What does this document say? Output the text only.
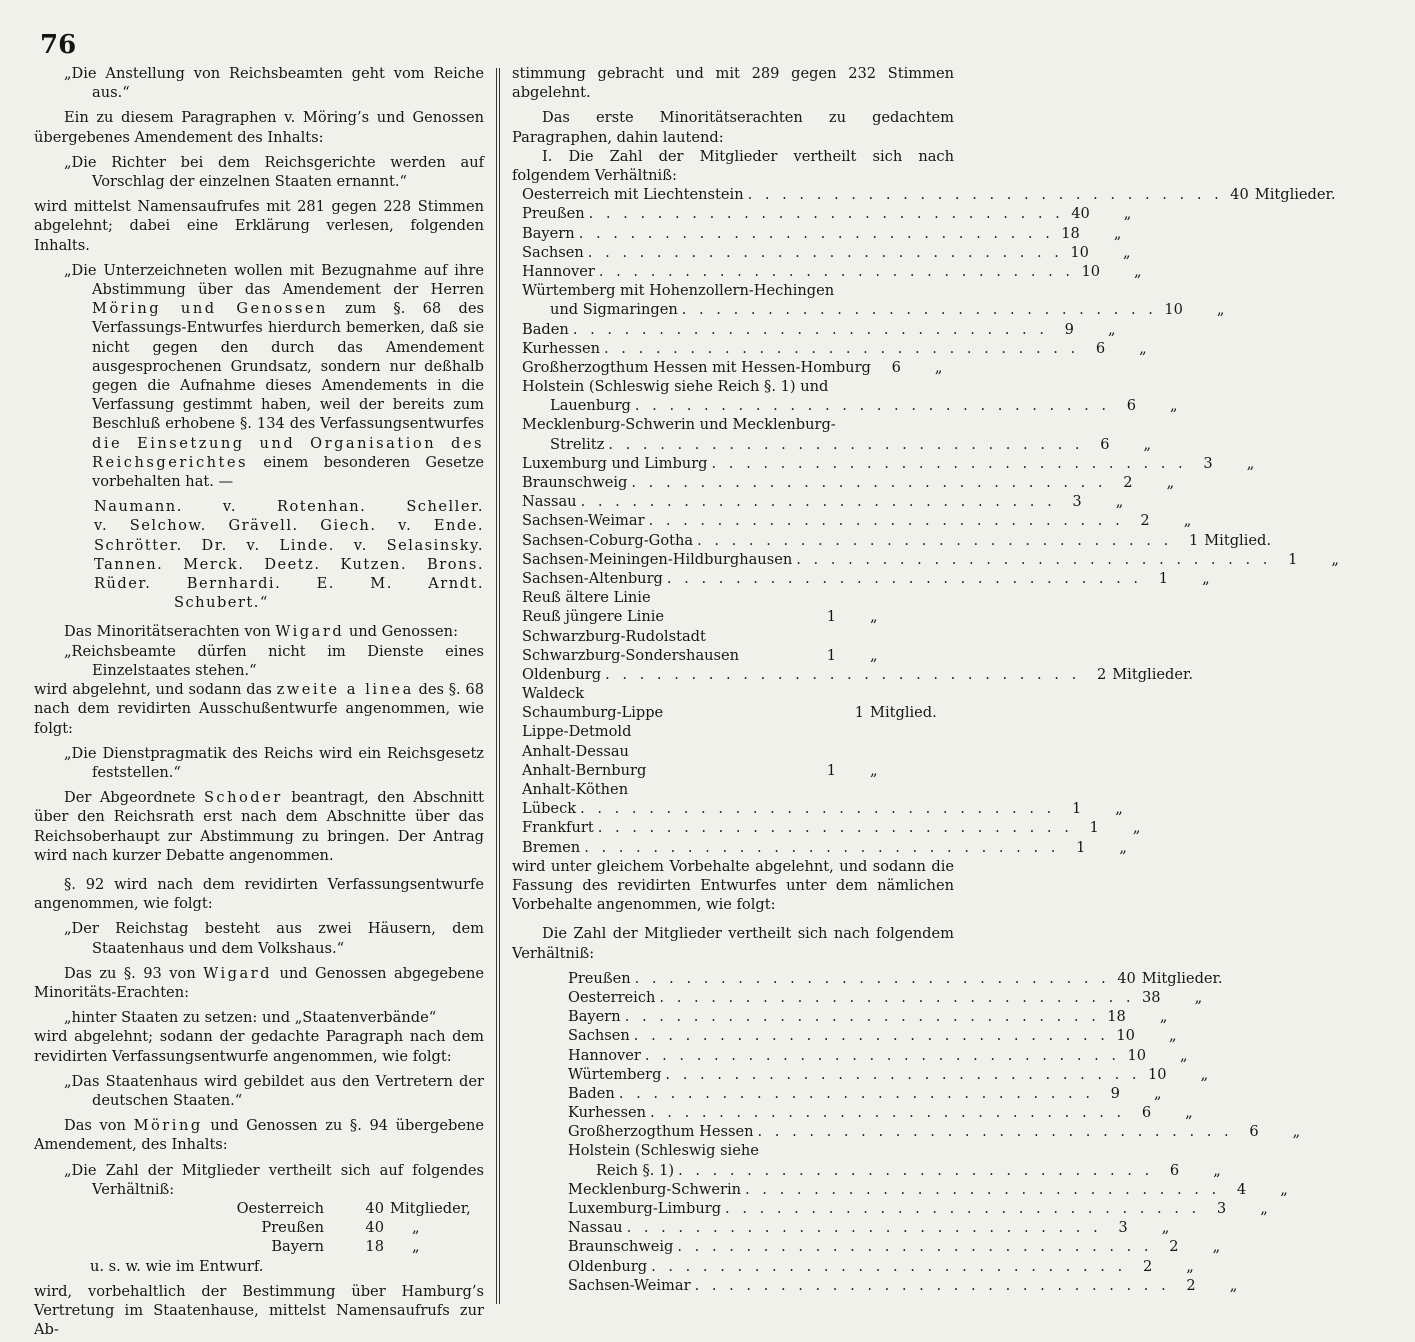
76

„Die Anstellung von Reichsbeamten geht vom Reiche aus.“

Ein zu diesem Paragraphen v. Möring’s und Genossen übergebenes Amendement des Inhalts:

„Die Richter bei dem Reichsgerichte werden auf Vorschlag der einzelnen Staaten ernannt.“

wird mittelst Namensaufrufes mit 281 gegen 228 Stimmen abgelehnt; dabei eine Erklärung verlesen, folgenden Inhalts.

„Die Unterzeichneten wollen mit Bezugnahme auf ihre Abstimmung über das Amendement der Herren Möring und Genossen zum §. 68 des Verfassungs-Entwurfes hierdurch bemerken, daß sie nicht gegen den durch das Amendement ausgesprochenen Grundsatz, sondern nur deßhalb gegen die Aufnahme dieses Amendements in die Verfassung gestimmt haben, weil der bereits zum Beschluß erhobene §. 134 des Verfassungsentwurfes die Einsetzung und Organisation des Reichsgerichtes einem besonderen Gesetze vorbehalten hat. —

Naumann.	v. Rotenhan.	Scheller.
v. Selchow. Grävell. Giech. v. Ende.
Schrötter. Dr. v. Linde. v. Selasinsky.
Tannen. Merck. Deetz. Kutzen. Brons.
Rüder. Bernhardi. E. M. Arndt.
Schubert.“

Das Minoritätserachten von Wigard und Genossen:

„Reichsbeamte dürfen nicht im Dienste eines Einzelstaates stehen.“

wird abgelehnt, und sodann das zweite a linea des §. 68 nach dem revidirten Ausschußentwurfe angenommen, wie folgt:

„Die Dienstpragmatik des Reichs wird ein Reichsgesetz feststellen.“

Der Abgeordnete Schoder beantragt, den Abschnitt über den Reichsrath erst nach dem Abschnitte über das Reichsoberhaupt zur Abstimmung zu bringen. Der Antrag wird nach kurzer Debatte angenommen.

§. 92 wird nach dem revidirten Verfassungsentwurfe angenommen, wie folgt:

„Der Reichstag besteht aus zwei Häusern, dem Staatenhaus und dem Volkshaus.“

Das zu §. 93 von Wigard und Genossen abgegebene Minoritäts-Erachten:

„hinter Staaten zu setzen: und „Staatenverbände“

wird abgelehnt; sodann der gedachte Paragraph nach dem revidirten Verfassungsentwurfe angenommen, wie folgt:

„Das Staatenhaus wird gebildet aus den Vertretern der deutschen Staaten.“

Das von Möring und Genossen zu §. 94 übergebene Amendement, des Inhalts:

„Die Zahl der Mitglieder vertheilt sich auf folgendes Verhältniß:

Oesterreich	40 Mitglieder,
Preußen	40	„
Bayern	18	„

u. s. w. wie im Entwurf.

wird, vorbehaltlich der Bestimmung über Hamburg’s Vertretung im Staatenhause, mittelst Namensaufrufs zur Ab-

stimmung gebracht und mit 289 gegen 232 Stimmen abgelehnt.

Das erste Minoritätserachten zu gedachtem Paragraphen, dahin lautend:

I. Die Zahl der Mitglieder vertheilt sich nach folgendem Verhältniß:

Oesterreich mit Liechtenstein . . . . . . . . . . . . . . . . . . . . . . . . . . . . 40 Mitglieder.
Preußen . . . . . . . . . . . . . . . . . . . . . . . . . . . . 40	„
Bayern . . . . . . . . . . . . . . . . . . . . . . . . . . . . 18	„
Sachsen . . . . . . . . . . . . . . . . . . . . . . . . . . . . 10	„
Hannover . . . . . . . . . . . . . . . . . . . . . . . . . . . . 10	„
Würtemberg mit Hohenzollern-Hechingen
und Sigmaringen . . . . . . . . . . . . . . . . . . . . . . . . . . . . 10	„
Baden . . . . . . . . . . . . . . . . . . . . . . . . . . . .	9	„
Kurhessen . . . . . . . . . . . . . . . . . . . . . . . . . . . .	6	„
Großherzogthum Hessen mit Hessen-Homburg	6	„
Holstein (Schleswig siehe Reich §. 1) und
Lauenburg . . . . . . . . . . . . . . . . . . . . . . . . . . . .	6	„
Mecklenburg-Schwerin und Mecklenburg-
Strelitz . . . . . . . . . . . . . . . . . . . . . . . . . . . .	6	„
Luxemburg und Limburg . . . . . . . . . . . . . . . . . . . . . . . . . . . .	3	„
Braunschweig . . . . . . . . . . . . . . . . . . . . . . . . . . . .	2	„
Nassau . . . . . . . . . . . . . . . . . . . . . . . . . . . .	3	„
Sachsen-Weimar . . . . . . . . . . . . . . . . . . . . . . . . . . . .	2	„
Sachsen-Coburg-Gotha . . . . . . . . . . . . . . . . . . . . . . . . . . . .	1 Mitglied.
Sachsen-Meiningen-Hildburghausen . . . . . . . . . . . . . . . . . . . . . . . . . . . .	1	„
Sachsen-Altenburg . . . . . . . . . . . . . . . . . . . . . . . . . . . .	1	„
Reuß ältere Linie
Reuß jüngere Linie	1	„
Schwarzburg-Rudolstadt
Schwarzburg-Sondershausen	1	„
Oldenburg . . . . . . . . . . . . . . . . . . . . . . . . . . . .	2 Mitglieder.
Waldeck
Schaumburg-Lippe	1 Mitglied.
Lippe-Detmold
Anhalt-Dessau
Anhalt-Bernburg	1	„
Anhalt-Köthen
Lübeck . . . . . . . . . . . . . . . . . . . . . . . . . . . .	1	„
Frankfurt . . . . . . . . . . . . . . . . . . . . . . . . . . . .	1	„
Bremen . . . . . . . . . . . . . . . . . . . . . . . . . . . .	1	„

wird unter gleichem Vorbehalte abgelehnt, und sodann die Fassung des revidirten Entwurfes unter dem nämlichen Vorbehalte angenommen, wie folgt:

Die Zahl der Mitglieder vertheilt sich nach folgendem Verhältniß:

Preußen . . . . . . . . . . . . . . . . . . . . . . . . . . . . 40 Mitglieder.
Oesterreich . . . . . . . . . . . . . . . . . . . . . . . . . . . . 38	„
Bayern . . . . . . . . . . . . . . . . . . . . . . . . . . . . 18	„
Sachsen . . . . . . . . . . . . . . . . . . . . . . . . . . . . 10	„
Hannover . . . . . . . . . . . . . . . . . . . . . . . . . . . . 10	„
Würtemberg . . . . . . . . . . . . . . . . . . . . . . . . . . . . 10	„
Baden . . . . . . . . . . . . . . . . . . . . . . . . . . . .	9	„
Kurhessen . . . . . . . . . . . . . . . . . . . . . . . . . . . .	6	„
Großherzogthum Hessen . . . . . . . . . . . . . . . . . . . . . . . . . . . .	6	„
Holstein (Schleswig siehe
Reich §. 1) . . . . . . . . . . . . . . . . . . . . . . . . . . . .	6	„
Mecklenburg-Schwerin . . . . . . . . . . . . . . . . . . . . . . . . . . . .	4	„
Luxemburg-Limburg . . . . . . . . . . . . . . . . . . . . . . . . . . . .	3	„
Nassau . . . . . . . . . . . . . . . . . . . . . . . . . . . .	3	„
Braunschweig . . . . . . . . . . . . . . . . . . . . . . . . . . . .	2	„
Oldenburg . . . . . . . . . . . . . . . . . . . . . . . . . . . .	2	„
Sachsen-Weimar . . . . . . . . . . . . . . . . . . . . . . . . . . . .	2	„
